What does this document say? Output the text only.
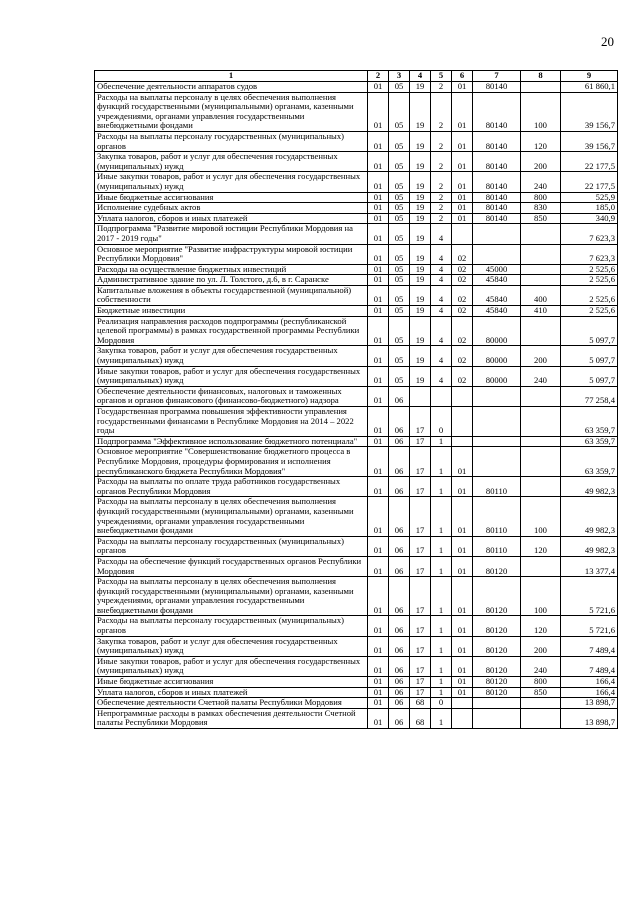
20
1	2	3	4	5	6	7	8	9
Обеспечение деятельности аппаратов судов	01	05	19	2	01	80140		61 860,1
Расходы на выплаты персоналу в целях обеспечения выполнения функций государственными (муниципальными) органами, казенными учреждениями, органами управления государственными внебюджетными фондами	01	05	19	2	01	80140	100	39 156,7
Расходы на выплаты персоналу государственных (муниципальных) органов	01	05	19	2	01	80140	120	39 156,7
Закупка товаров, работ и услуг для обеспечения государственных (муниципальных) нужд	01	05	19	2	01	80140	200	22 177,5
Иные закупки товаров, работ и услуг для обеспечения государственных (муниципальных) нужд	01	05	19	2	01	80140	240	22 177,5
Иные бюджетные ассигнования	01	05	19	2	01	80140	800	525,9
Исполнение судебных актов	01	05	19	2	01	80140	830	185,0
Уплата налогов, сборов и иных платежей	01	05	19	2	01	80140	850	340,9
Подпрограмма "Развитие мировой юстиции Республики Мордовия на 2017 - 2019 годы"	01	05	19	4				7 623,3
Основное мероприятие "Развитие инфраструктуры мировой юстиции Республики Мордовия"	01	05	19	4	02			7 623,3
Расходы на осуществление бюджетных инвестиций	01	05	19	4	02	45000		2 525,6
Административное здание по ул. Л. Толстого, д.6, в г. Саранске	01	05	19	4	02	45840		2 525,6
Капитальные вложения в объекты государственной (муниципальной) собственности	01	05	19	4	02	45840	400	2 525,6
Бюджетные инвестиции	01	05	19	4	02	45840	410	2 525,6
Реализация направления расходов подпрограммы (республиканской целевой программы) в рамках государственной программы Республики Мордовия	01	05	19	4	02	80000		5 097,7
Закупка товаров, работ и услуг для обеспечения государственных (муниципальных) нужд	01	05	19	4	02	80000	200	5 097,7
Иные закупки товаров, работ и услуг для обеспечения государственных (муниципальных) нужд	01	05	19	4	02	80000	240	5 097,7
Обеспечение деятельности финансовых, налоговых и таможенных органов и органов финансового (финансово-бюджетного) надзора	01	06						77 258,4
Государственная программа повышения эффективности управления государственными финансами в Республике Мордовия на 2014 – 2022 годы	01	06	17	0				63 359,7
Подпрограмма "Эффективное использование бюджетного потенциала"	01	06	17	1				63 359,7
Основное мероприятие "Совершенствование бюджетного процесса в Республике Мордовия, процедуры формирования и исполнения республиканского бюджета Республики Мордовия"	01	06	17	1	01			63 359,7
Расходы на выплаты по оплате труда работников государственных органов Республики Мордовия	01	06	17	1	01	80110		49 982,3
Расходы на выплаты персоналу в целях обеспечения выполнения функций государственными (муниципальными) органами, казенными учреждениями, органами управления государственными внебюджетными фондами	01	06	17	1	01	80110	100	49 982,3
Расходы на выплаты персоналу государственных (муниципальных) органов	01	06	17	1	01	80110	120	49 982,3
Расходы на обеспечение функций государственных органов Республики Мордовия	01	06	17	1	01	80120		13 377,4
Расходы на выплаты персоналу в целях обеспечения выполнения функций государственными (муниципальными) органами, казенными учреждениями, органами управления государственными внебюджетными фондами	01	06	17	1	01	80120	100	5 721,6
Расходы на выплаты персоналу государственных (муниципальных) органов	01	06	17	1	01	80120	120	5 721,6
Закупка товаров, работ и услуг для обеспечения государственных (муниципальных) нужд	01	06	17	1	01	80120	200	7 489,4
Иные закупки товаров, работ и услуг для обеспечения государственных (муниципальных) нужд	01	06	17	1	01	80120	240	7 489,4
Иные бюджетные ассигнования	01	06	17	1	01	80120	800	166,4
Уплата налогов, сборов и иных платежей	01	06	17	1	01	80120	850	166,4
Обеспечение деятельности Счетной палаты Республики Мордовия	01	06	68	0				13 898,7
Непрограммные расходы в рамках обеспечения деятельности Счетной палаты Республики Мордовия	01	06	68	1				13 898,7
